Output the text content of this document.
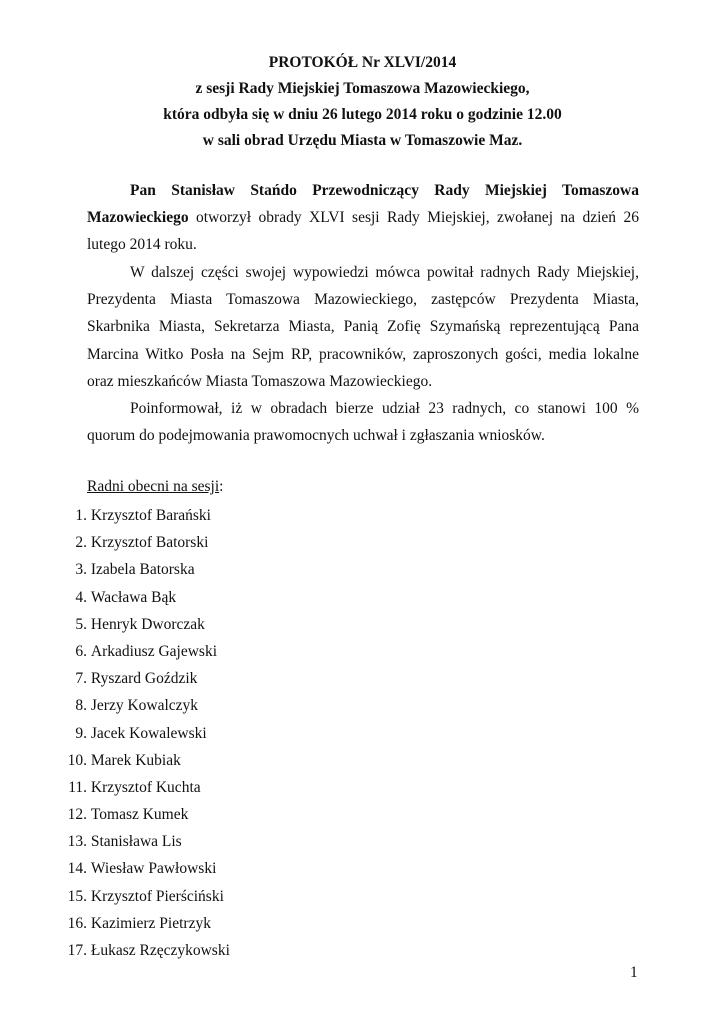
PROTOKÓŁ Nr XLVI/2014
z sesji Rady Miejskiej Tomaszowa Mazowieckiego,
która odbyła się w dniu 26 lutego 2014 roku o godzinie 12.00
w sali obrad Urzędu Miasta w Tomaszowie Maz.
Pan Stanisław Stańdo Przewodniczący Rady Miejskiej Tomaszowa Mazowieckiego otworzył obrady XLVI sesji Rady Miejskiej, zwołanej na dzień 26 lutego 2014 roku.
W dalszej części swojej wypowiedzi mówca powitał radnych Rady Miejskiej, Prezydenta Miasta Tomaszowa Mazowieckiego, zastępców Prezydenta Miasta, Skarbnika Miasta, Sekretarza Miasta, Panią Zofię Szymańską reprezentującą Pana Marcina Witko Posła na Sejm RP, pracowników, zaproszonych gości, media lokalne oraz mieszkańców Miasta Tomaszowa Mazowieckiego.
Poinformował, iż w obradach bierze udział 23 radnych, co stanowi 100 % quorum do podejmowania prawomocnych uchwał i zgłaszania wniosków.
Radni obecni na sesji:
1.
Krzysztof Barański
2.
Krzysztof Batorski
3.
Izabela Batorska
4.
Wacława Bąk
5.
Henryk Dworczak
6.
Arkadiusz Gajewski
7.
Ryszard Goździk
8.
Jerzy Kowalczyk
9.
Jacek Kowalewski
10.
Marek Kubiak
11.
Krzysztof Kuchta
12.
Tomasz Kumek
13.
Stanisława Lis
14.
Wiesław Pawłowski
15.
Krzysztof Pierściński
16.
Kazimierz Pietrzyk
17.
Łukasz Rzęczykowski
1
